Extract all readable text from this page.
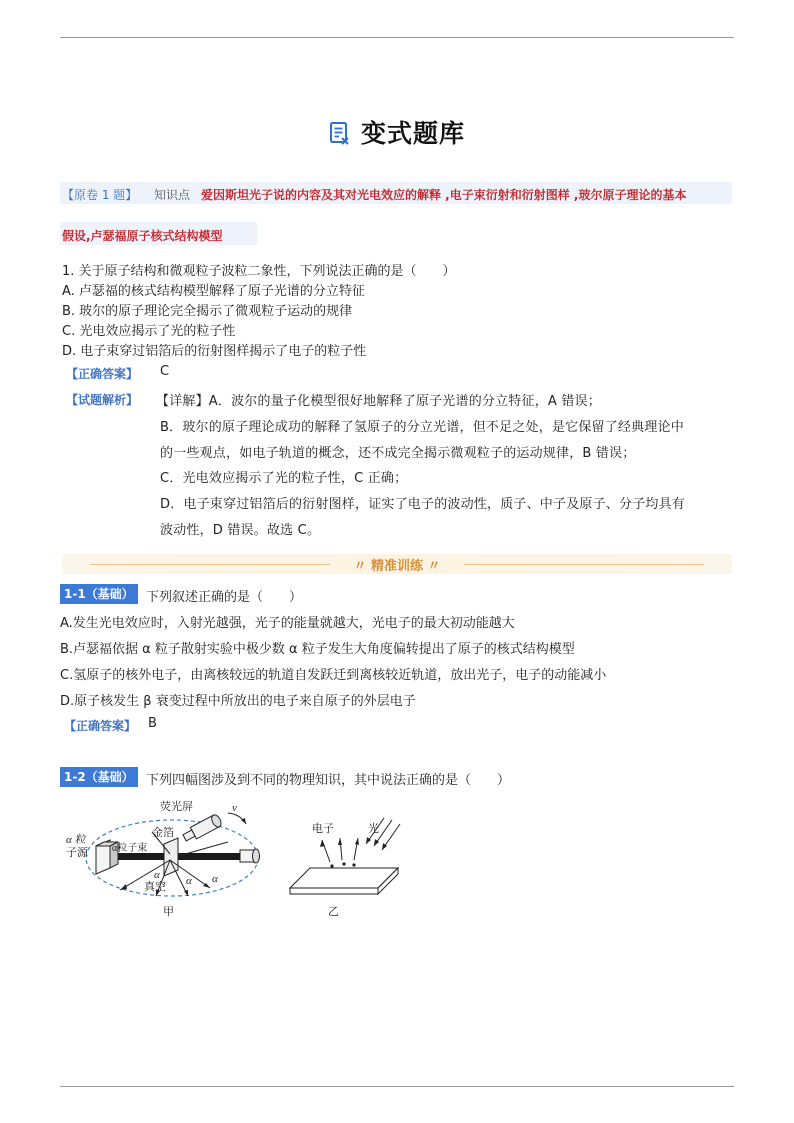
变式题库
【原卷 1 题】 知识点 爱因斯坦光子说的内容及其对光电效应的解释 ,电子束衍射和衍射图样 ,玻尔原子理论的基本
假设,卢瑟福原子核式结构模型
1. 关于原子结构和微观粒子波粒二象性，下列说法正确的是（　　）
A. 卢瑟福的核式结构模型解释了原子光谱的分立特征
B. 玻尔的原子理论完全揭示了微观粒子运动的规律
C. 光电效应揭示了光的粒子性
D. 电子束穿过铝箔后的衍射图样揭示了电子的粒子性
【正确答案】 C
【试题解析】 【详解】A．波尔的量子化模型很好地解释了原子光谱的分立特征，A 错误；
B．玻尔的原子理论成功的解释了氢原子的分立光谱，但不足之处，是它保留了经典理论中
的一些观点，如电子轨道的概念，还不成完全揭示微观粒子的运动规律，B 错误；
C．光电效应揭示了光的粒子性，C 正确；
D．电子束穿过铝箔后的衍射图样，证实了电子的波动性，质子、中子及原子、分子均具有
波动性，D 错误。故选 C。
〃 精准训练 〃
1-1（基础） 下列叙述正确的是（　　）
A.发生光电效应时，入射光越强，光子的能量就越大，光电子的最大初动能越大
B.卢瑟福依据 α 粒子散射实验中极少数 α 粒子发生大角度偏转提出了原子的核式结构模型
C.氢原子的核外电子，由离核较远的轨道自发跃迁到离核较近轨道，放出光子，电子的动能减小
D.原子核发生 β 衰变过程中所放出的电子来自原子的外层电子
【正确答案】 B
1-2（基础） 下列四幅图涉及到不同的物理知识，其中说法正确的是（　　）
荧光屏
金箔
α 粒
子源 α粒子束
α
真空 α α
v
甲
电子	光
乙
